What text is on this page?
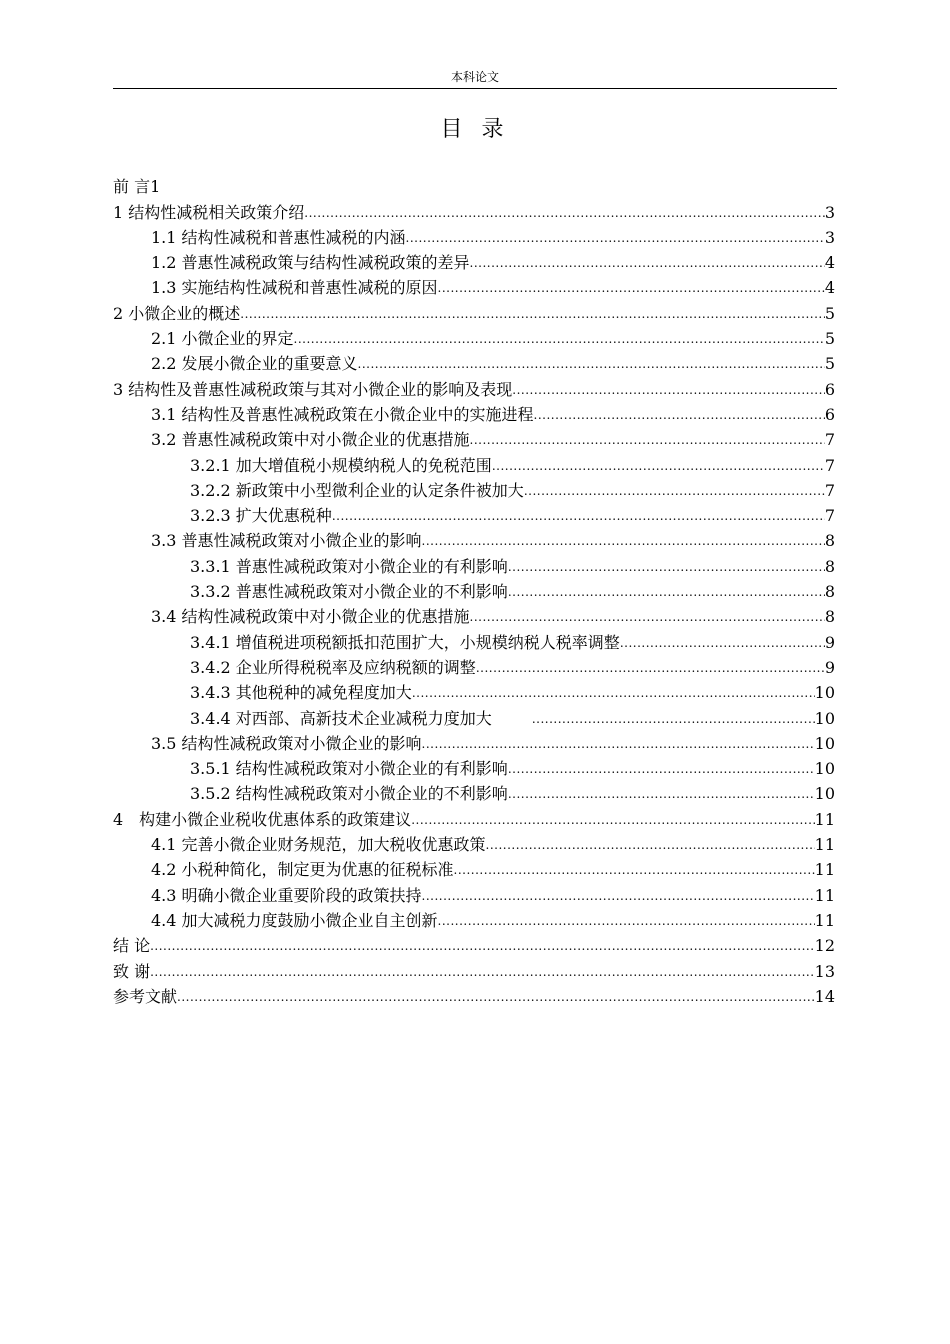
本科论文
目 录
前 言 1
1 结构性减税相关政策介绍 .....	3
1.1 结构性减税和普惠性减税的内涵 .....	3
1.2 普惠性减税政策与结构性减税政策的差异 .....	4
1.3 实施结构性减税和普惠性减税的原因 .....	4
2 小微企业的概述 .....	5
2.1 小微企业的界定 .....	5
2.2 发展小微企业的重要意义 .....	5
3 结构性及普惠性减税政策与其对小微企业的影响及表现 .....	6
3.1 结构性及普惠性减税政策在小微企业中的实施进程 .....	6
3.2 普惠性减税政策中对小微企业的优惠措施 .....	7
3.2.1 加大增值税小规模纳税人的免税范围 .....	7
3.2.2 新政策中小型微利企业的认定条件被加大 .....	7
3.2.3 扩大优惠税种 .....	7
3.3 普惠性减税政策对小微企业的影响 .....	8
3.3.1 普惠性减税政策对小微企业的有利影响 .....	8
3.3.2 普惠性减税政策对小微企业的不利影响 .....	8
3.4 结构性减税政策中对小微企业的优惠措施 .....	8
3.4.1 增值税进项税额抵扣范围扩大，小规模纳税人税率调整 .....	9
3.4.2 企业所得税税率及应纳税额的调整 .....	9
3.4.3 其他税种的减免程度加大 .....	10
3.4.4 对西部、高新技术企业减税力度加大 .....	10
3.5 结构性减税政策对小微企业的影响 .....	10
3.5.1 结构性减税政策对小微企业的有利影响 .....	10
3.5.2 结构性减税政策对小微企业的不利影响 .....	10
4　构建小微企业税收优惠体系的政策建议 .....	11
4.1 完善小微企业财务规范，加大税收优惠政策 .....	11
4.2 小税种简化，制定更为优惠的征税标准 .....	11
4.3 明确小微企业重要阶段的政策扶持 .....	11
4.4 加大减税力度鼓励小微企业自主创新 .....	11
结 论 .....	12
致 谢 .....	13
参考文献 .....	14
